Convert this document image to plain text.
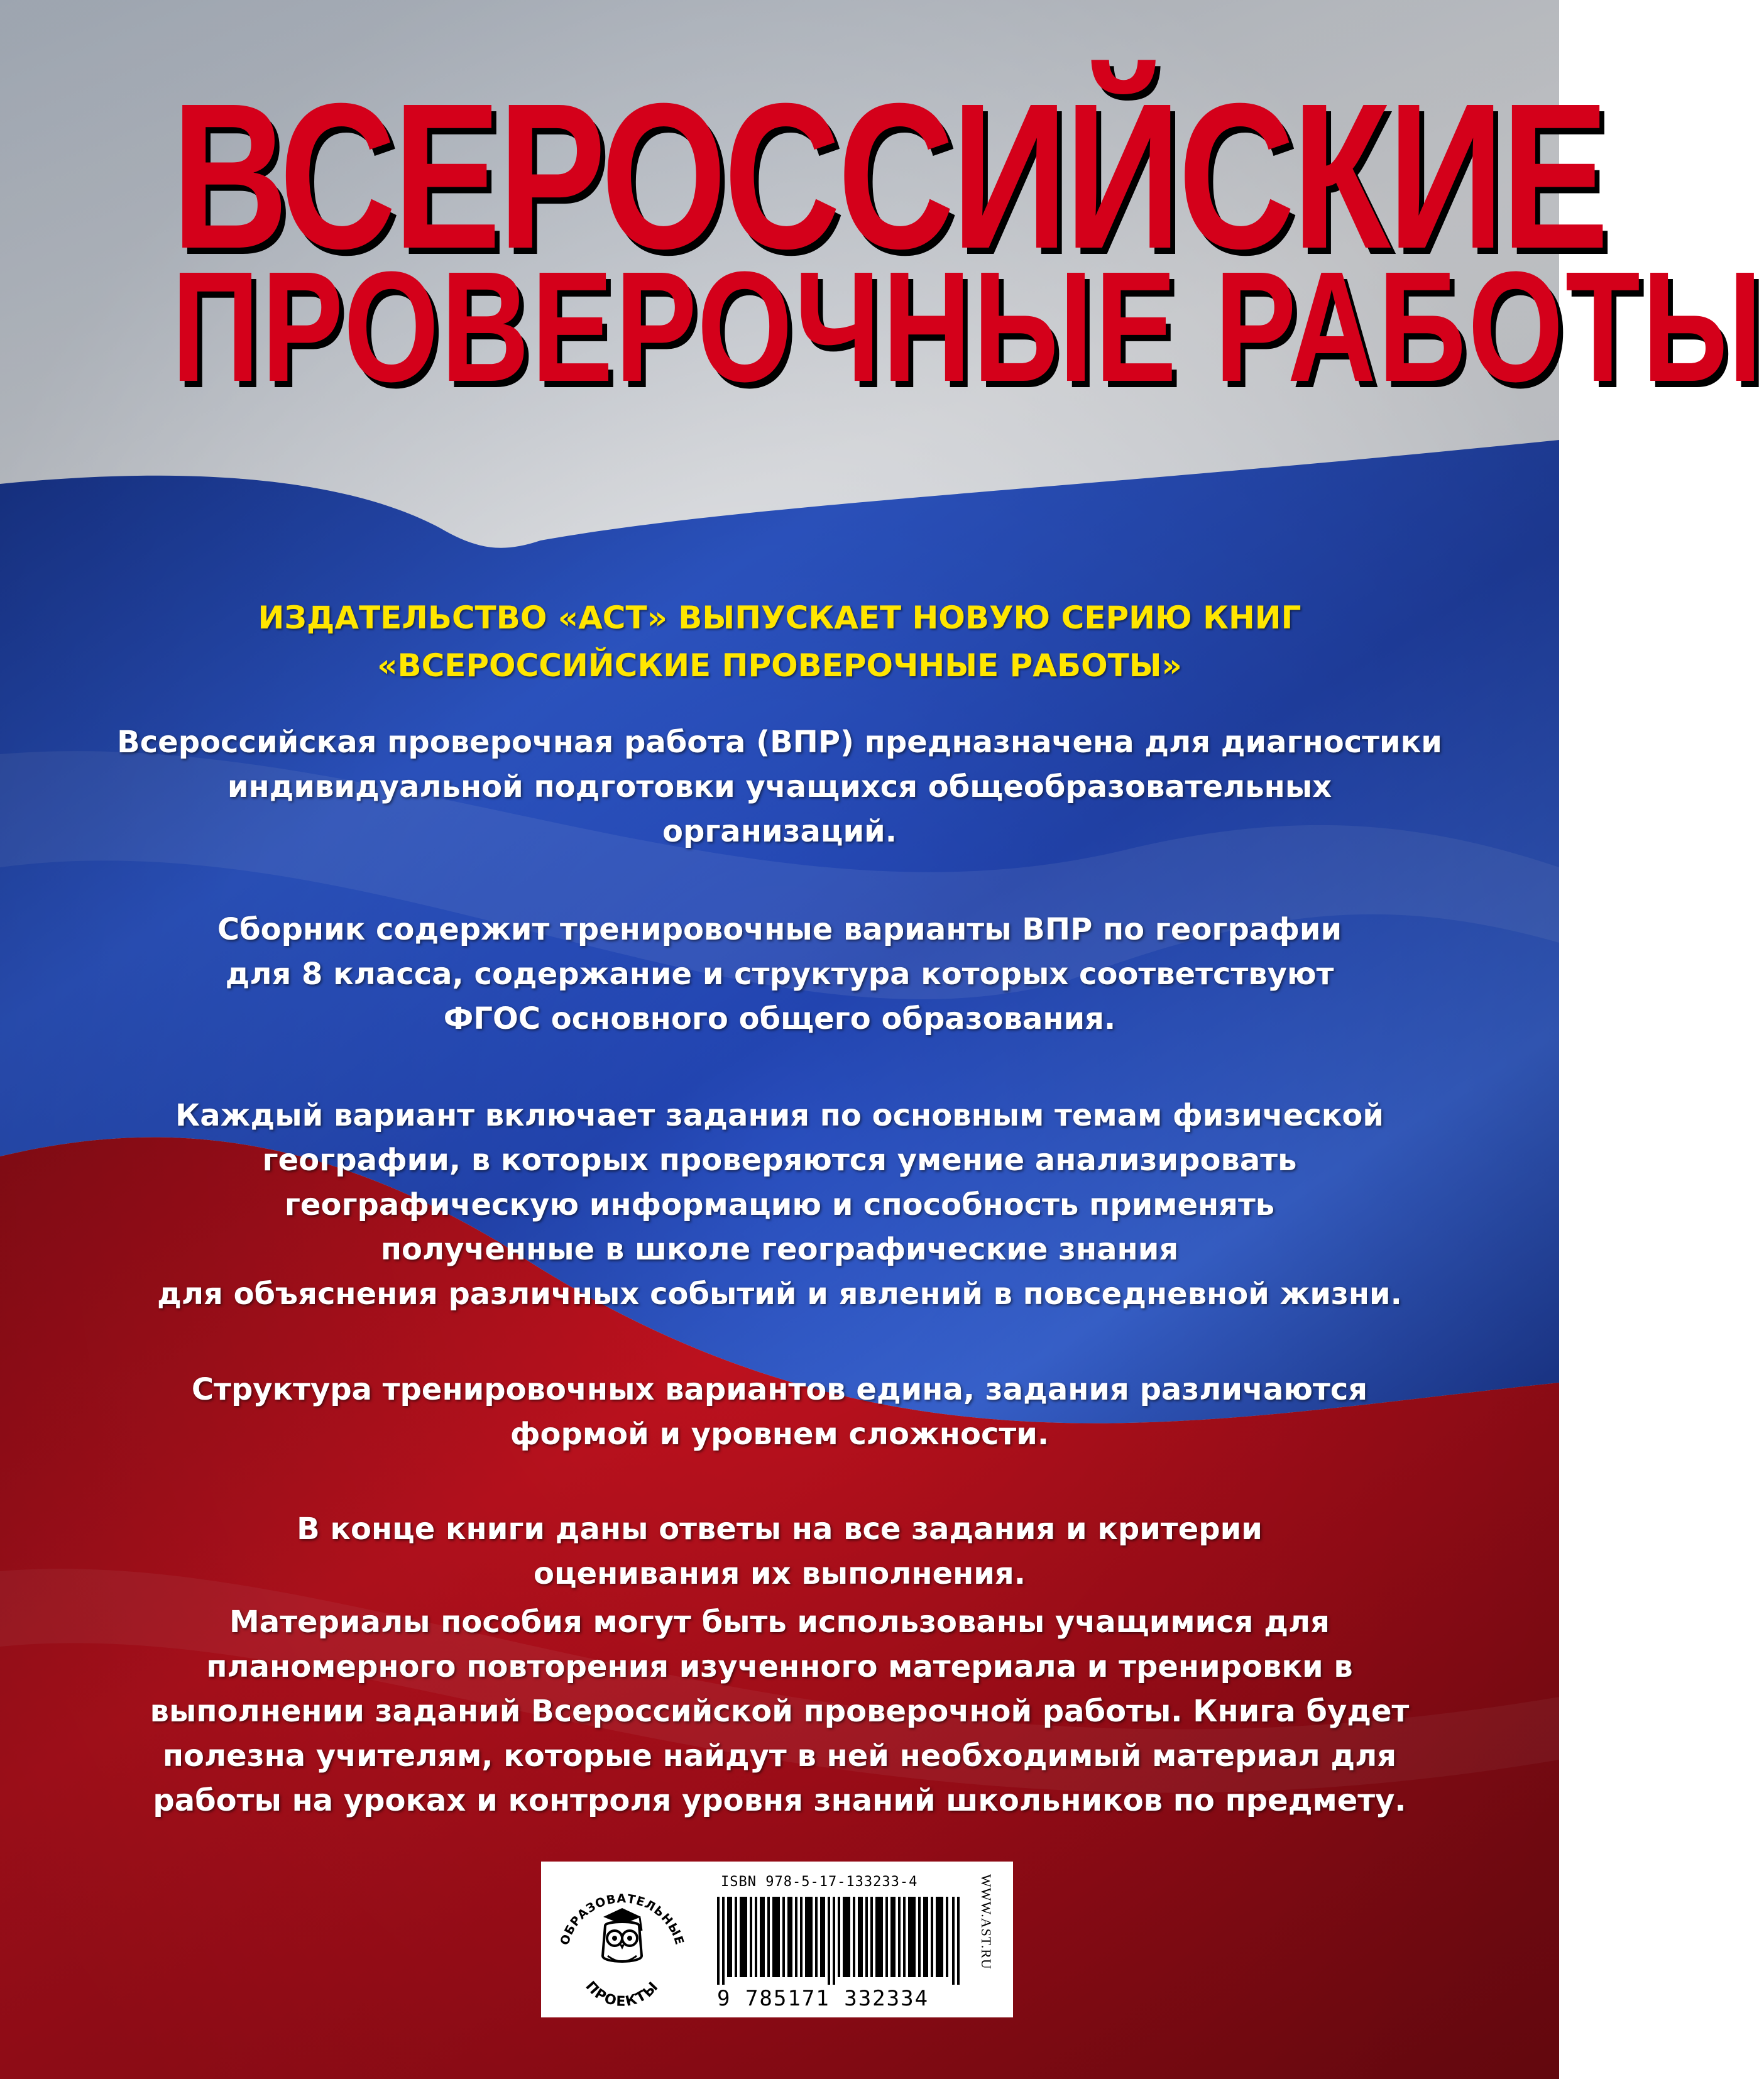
ВСЕРОССИЙСКИЕ
ПРОВЕРОЧНЫЕ РАБОТЫ
ИЗДАТЕЛЬСТВО «АСТ» ВЫПУСКАЕТ НОВУЮ СЕРИЮ КНИГ
«ВСЕРОССИЙСКИЕ ПРОВЕРОЧНЫЕ РАБОТЫ»
Всероссийская проверочная работа (ВПР) предназначена для диагностики
индивидуальной подготовки учащихся общеобразовательных
организаций.
Сборник содержит тренировочные варианты ВПР по географии
для 8 класса, содержание и структура которых соответствуют
ФГОС основного общего образования.
Каждый вариант включает задания по основным темам физической
географии, в которых проверяются умение анализировать
географическую информацию и способность применять
полученные в школе географические знания
для объяснения различных событий и явлений в повседневной жизни.
Структура тренировочных вариантов едина, задания различаются
формой и уровнем сложности.
В конце книги даны ответы на все задания и критерии
оценивания их выполнения.
Материалы пособия могут быть использованы учащимися для
планомерного повторения изученного материала и тренировки в
выполнении заданий Всероссийской проверочной работы. Книга будет
полезна учителям, которые найдут в ней необходимый материал для
работы на уроках и контроля уровня знаний школьников по предмету.
ОБРАЗОВАТЕЛЬНЫЕ
ПРОЕКТЫ
ISBN 978-5-17-133233-4
9 785171 332334
WWW.AST.RU
